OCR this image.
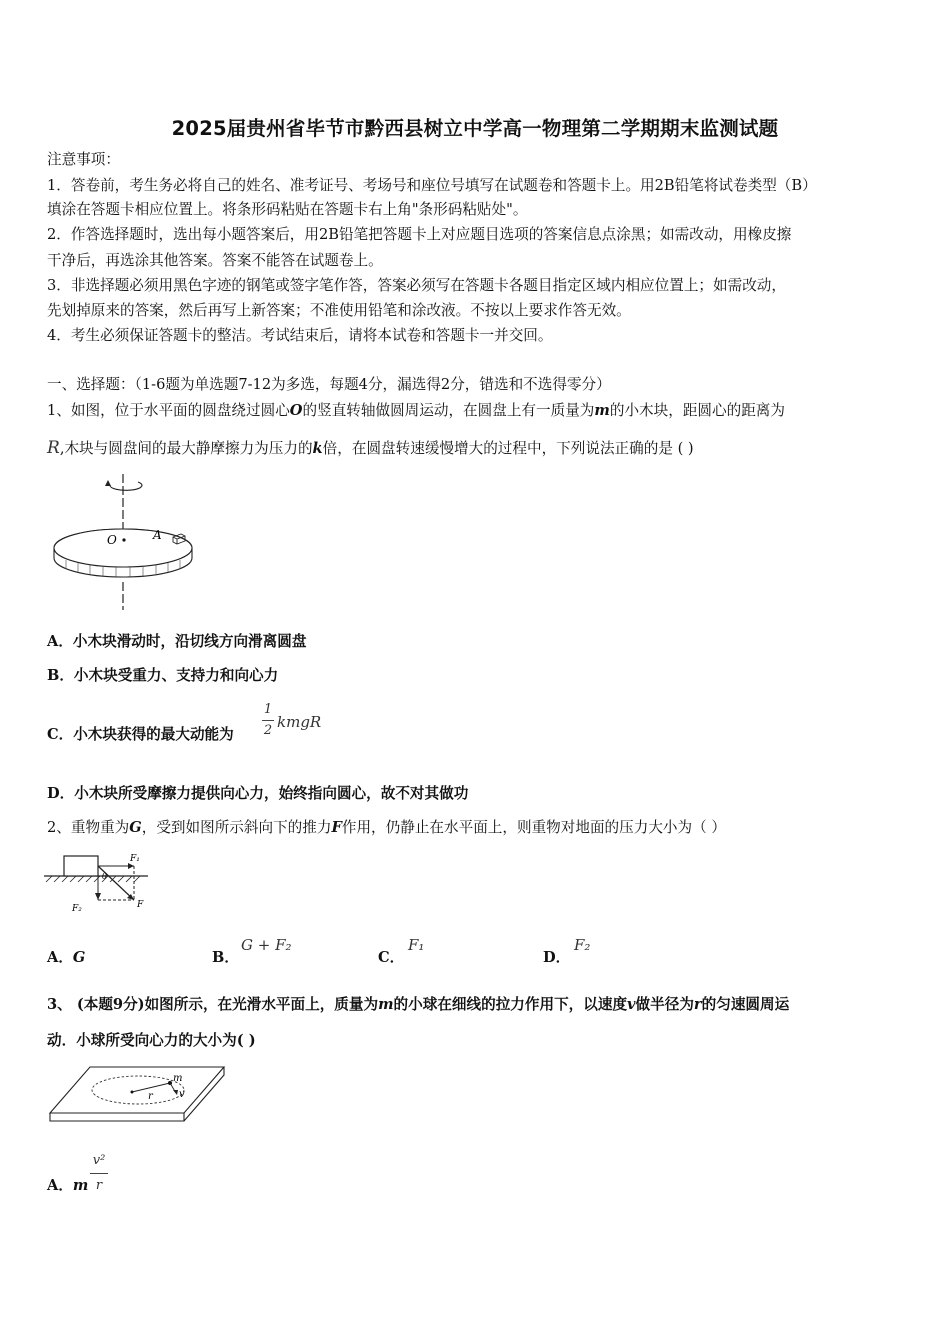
2025届贵州省毕节市黔西县树立中学高一物理第二学期期末监测试题
注意事项：
1．答卷前，考生务必将自己的姓名、准考证号、考场号和座位号填写在试题卷和答题卡上。用2B铅笔将试卷类型（B）
填涂在答题卡相应位置上。将条形码粘贴在答题卡右上角"条形码粘贴处"。
2．作答选择题时，选出每小题答案后，用2B铅笔把答题卡上对应题目选项的答案信息点涂黑；如需改动，用橡皮擦
干净后，再选涂其他答案。答案不能答在试题卷上。
3．非选择题必须用黑色字迹的钢笔或签字笔作答，答案必须写在答题卡各题目指定区域内相应位置上；如需改动，
先划掉原来的答案，然后再写上新答案；不准使用铅笔和涂改液。不按以上要求作答无效。
4．考生必须保证答题卡的整洁。考试结束后，请将本试卷和答题卡一并交回。
一、选择题：（1-6题为单选题7-12为多选，每题4分，漏选得2分，错选和不选得零分）
1、如图，位于水平面的圆盘绕过圆心O的竖直转轴做圆周运动，在圆盘上有一质量为m的小木块，距圆心的距离为
R,木块与圆盘间的最大静摩擦力为压力的k倍，在圆盘转速缓慢增大的过程中，下列说法正确的是 ( )
O	A
A．小木块滑动时，沿切线方向滑离圆盘
B．小木块受重力、支持力和向心力
C．小木块获得的最大动能为
1
2 kmgR
D．小木块所受摩擦力提供向心力，始终指向圆心，故不对其做功
2、重物重为G，受到如图所示斜向下的推力F作用，仍静止在水平面上，则重物对地面的压力大小为（ ）
θ
F₁
F₂	F
A．G	B．
G + F₂
C．
F₁
D．
F₂
3、 (本题9分)如图所示，在光滑水平面上，质量为m的小球在细线的拉力作用下，以速度v做半径为r的匀速圆周运
动．小球所受向心力的大小为( )
m
r	v
A．m
v²
r
